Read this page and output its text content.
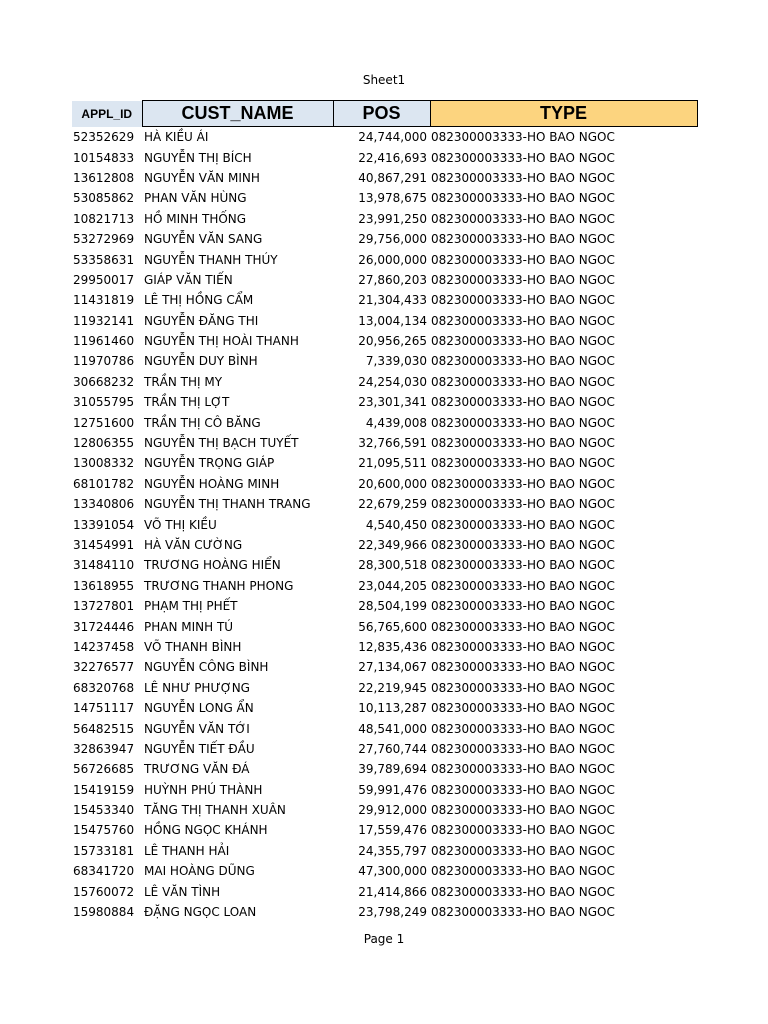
Sheet1
APPL_ID	CUST_NAME	POS	TYPE
52352629	HÀ KIỀU ÁI	24,744,000	082300003333-HO BAO NGOC
10154833	NGUYỄN THỊ BÍCH	22,416,693	082300003333-HO BAO NGOC
13612808	NGUYỄN VĂN MINH	40,867,291	082300003333-HO BAO NGOC
53085862	PHAN VĂN HÙNG	13,978,675	082300003333-HO BAO NGOC
10821713	HỒ MINH THỐNG	23,991,250	082300003333-HO BAO NGOC
53272969	NGUYỄN VĂN SANG	29,756,000	082300003333-HO BAO NGOC
53358631	NGUYỄN THANH THÚY	26,000,000	082300003333-HO BAO NGOC
29950017	GIÁP VĂN TIẾN	27,860,203	082300003333-HO BAO NGOC
11431819	LÊ THỊ HỒNG CẨM	21,304,433	082300003333-HO BAO NGOC
11932141	NGUYỄN ĐĂNG THI	13,004,134	082300003333-HO BAO NGOC
11961460	NGUYỄN THỊ HOÀI THANH	20,956,265	082300003333-HO BAO NGOC
11970786	NGUYỄN DUY BÌNH	7,339,030	082300003333-HO BAO NGOC
30668232	TRẦN THỊ MY	24,254,030	082300003333-HO BAO NGOC
31055795	TRẦN THỊ LỢT	23,301,341	082300003333-HO BAO NGOC
12751600	TRẦN THỊ CÔ BĂNG	4,439,008	082300003333-HO BAO NGOC
12806355	NGUYỄN THỊ BẠCH TUYẾT	32,766,591	082300003333-HO BAO NGOC
13008332	NGUYỄN TRỌNG GIÁP	21,095,511	082300003333-HO BAO NGOC
68101782	NGUYỄN HOÀNG MINH	20,600,000	082300003333-HO BAO NGOC
13340806	NGUYỄN THỊ THANH TRANG	22,679,259	082300003333-HO BAO NGOC
13391054	VÕ THỊ KIỀU	4,540,450	082300003333-HO BAO NGOC
31454991	HÀ VĂN CƯỜNG	22,349,966	082300003333-HO BAO NGOC
31484110	TRƯƠNG HOÀNG HIỂN	28,300,518	082300003333-HO BAO NGOC
13618955	TRƯƠNG THANH PHONG	23,044,205	082300003333-HO BAO NGOC
13727801	PHẠM THỊ PHẾT	28,504,199	082300003333-HO BAO NGOC
31724446	PHAN MINH TÚ	56,765,600	082300003333-HO BAO NGOC
14237458	VÕ THANH BÌNH	12,835,436	082300003333-HO BAO NGOC
32276577	NGUYỄN CÔNG BÌNH	27,134,067	082300003333-HO BAO NGOC
68320768	LÊ NHƯ PHƯỢNG	22,219,945	082300003333-HO BAO NGOC
14751117	NGUYỄN LONG ẨN	10,113,287	082300003333-HO BAO NGOC
56482515	NGUYỄN VĂN TỚI	48,541,000	082300003333-HO BAO NGOC
32863947	NGUYỄN TIẾT ĐẦU	27,760,744	082300003333-HO BAO NGOC
56726685	TRƯƠNG VĂN ĐÁ	39,789,694	082300003333-HO BAO NGOC
15419159	HUỲNH PHÚ THÀNH	59,991,476	082300003333-HO BAO NGOC
15453340	TĂNG THỊ THANH XUÂN	29,912,000	082300003333-HO BAO NGOC
15475760	HỒNG NGỌC KHÁNH	17,559,476	082300003333-HO BAO NGOC
15733181	LÊ THANH HẢI	24,355,797	082300003333-HO BAO NGOC
68341720	MAI HOÀNG DŨNG	47,300,000	082300003333-HO BAO NGOC
15760072	LÊ VĂN TÌNH	21,414,866	082300003333-HO BAO NGOC
15980884	ĐẶNG NGỌC LOAN	23,798,249	082300003333-HO BAO NGOC
Page 1
